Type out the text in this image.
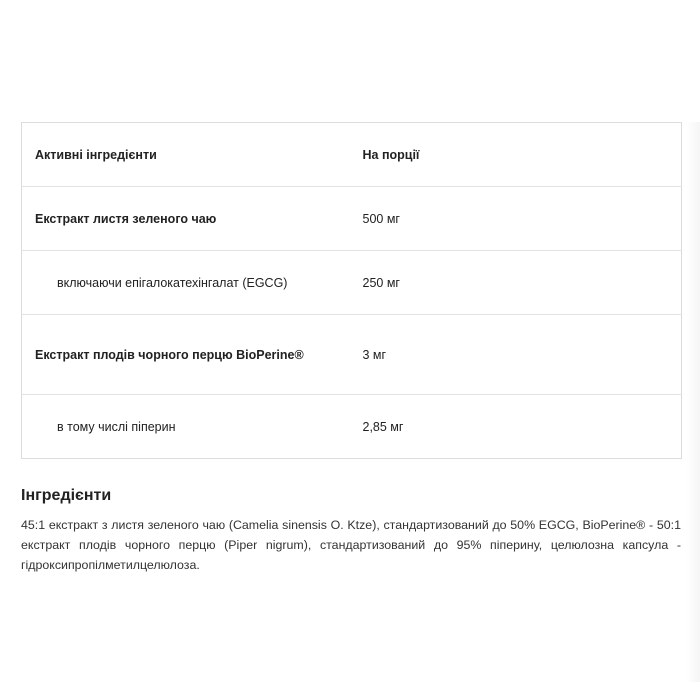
Активні інгредієнти	На порції
Екстракт листя зеленого чаю	500 мг
включаючи епігалокатехінгалат (EGCG)	250 мг
Екстракт плодів чорного перцю BioPerine®	3 мг
в тому числі піперин	2,85 мг
Інгредієнти

45:1 екстракт з листя зеленого чаю (Camelia sinensis O. Ktze), стандартизований до 50% EGCG, BioPerine® - 50:1 екстракт плодів чорного перцю (Piper nigrum), стандартизований до 95% піперину, целюлозна капсула - гідроксипропілметилцелюлоза.
